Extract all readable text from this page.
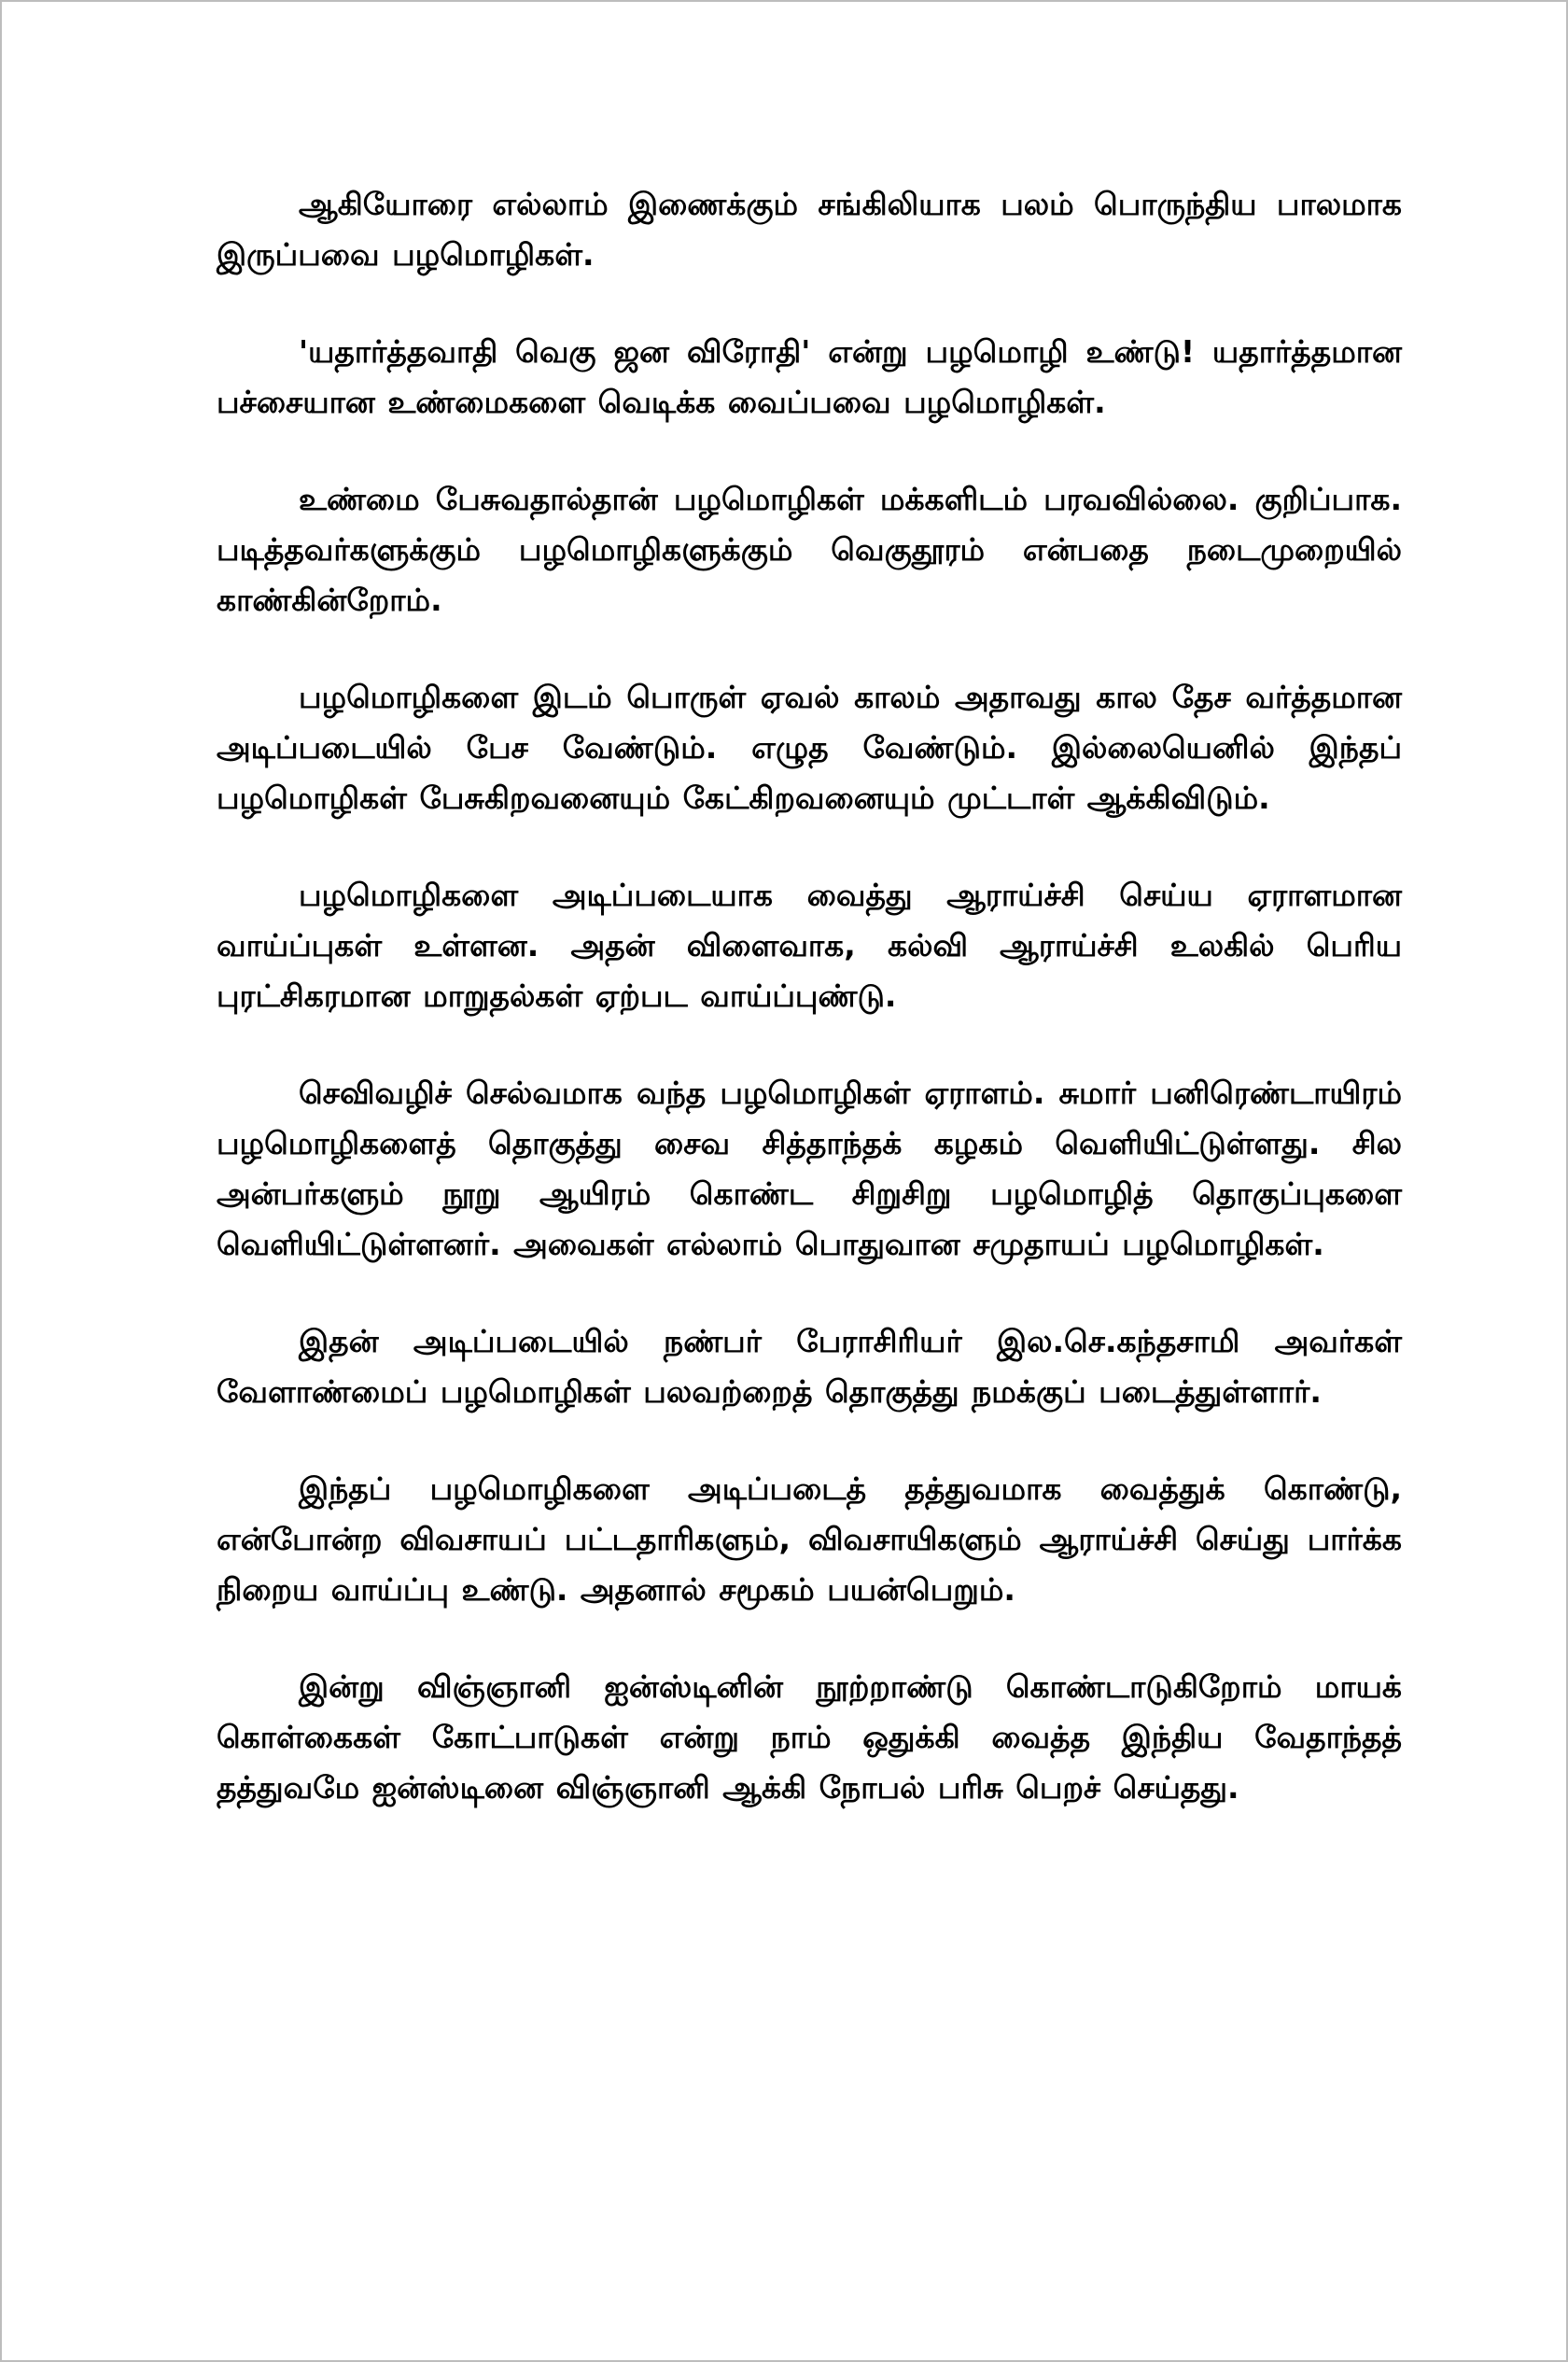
ஆகியோரை எல்லாம் இணைக்கும் சங்கிலியாக பலம் பொருந்திய பாலமாக இருப்பவை பழமொழிகள்.

'யதார்த்தவாதி வெகு ஜன விரோதி' என்று பழமொழி உண்டு! யதார்த்தமான பச்சையான உண்மைகளை வெடிக்க வைப்பவை பழமொழிகள்.

உண்மை பேசுவதால்தான் பழமொழிகள் மக்களிடம் பரவவில்லை. குறிப்பாக. படித்தவர்களுக்கும் பழமொழிகளுக்கும் வெகுதூரம் என்பதை நடைமுறையில் காண்கின்றோம்.

பழமொழிகளை இடம் பொருள் ஏவல் காலம் அதாவது கால தேச வர்த்தமான அடிப்படையில் பேச வேண்டும். எழுத வேண்டும். இல்லையெனில் இந்தப் பழமொழிகள் பேசுகிறவனையும் கேட்கிறவனையும் முட்டாள் ஆக்கிவிடும்.

பழமொழிகளை அடிப்படையாக வைத்து ஆராய்ச்சி செய்ய ஏராளமான வாய்ப்புகள் உள்ளன. அதன் விளைவாக, கல்வி ஆராய்ச்சி உலகில் பெரிய புரட்சிகரமான மாறுதல்கள் ஏற்பட வாய்ப்புண்டு.

செவிவழிச் செல்வமாக வந்த பழமொழிகள் ஏராளம். சுமார் பனிரெண்டாயிரம் பழமொழிகளைத் தொகுத்து சைவ சித்தாந்தக் கழகம் வெளியிட்டுள்ளது. சில அன்பர்களும் நூறு ஆயிரம் கொண்ட சிறுசிறு பழமொழித் தொகுப்புகளை வெளியிட்டுள்ளனர். அவைகள் எல்லாம் பொதுவான சமுதாயப் பழமொழிகள்.

இதன் அடிப்படையில் நண்பர் பேராசிரியர் இல.செ.கந்தசாமி அவர்கள் வேளாண்மைப் பழமொழிகள் பலவற்றைத் தொகுத்து நமக்குப் படைத்துள்ளார்.

இந்தப் பழமொழிகளை அடிப்படைத் தத்துவமாக வைத்துக் கொண்டு, என்போன்ற விவசாயப் பட்டதாரிகளும், விவசாயிகளும் ஆராய்ச்சி செய்து பார்க்க நிறைய வாய்ப்பு உண்டு. அதனால் சமூகம் பயன்பெறும்.

இன்று விஞ்ஞானி ஐன்ஸ்டினின் நூற்றாண்டு கொண்டாடுகிறோம் மாயக் கொள்கைகள் கோட்பாடுகள் என்று நாம் ஒதுக்கி வைத்த இந்திய வேதாந்தத் தத்துவமே ஐன்ஸ்டினை விஞ்ஞானி ஆக்கி நோபல் பரிசு பெறச் செய்தது.
